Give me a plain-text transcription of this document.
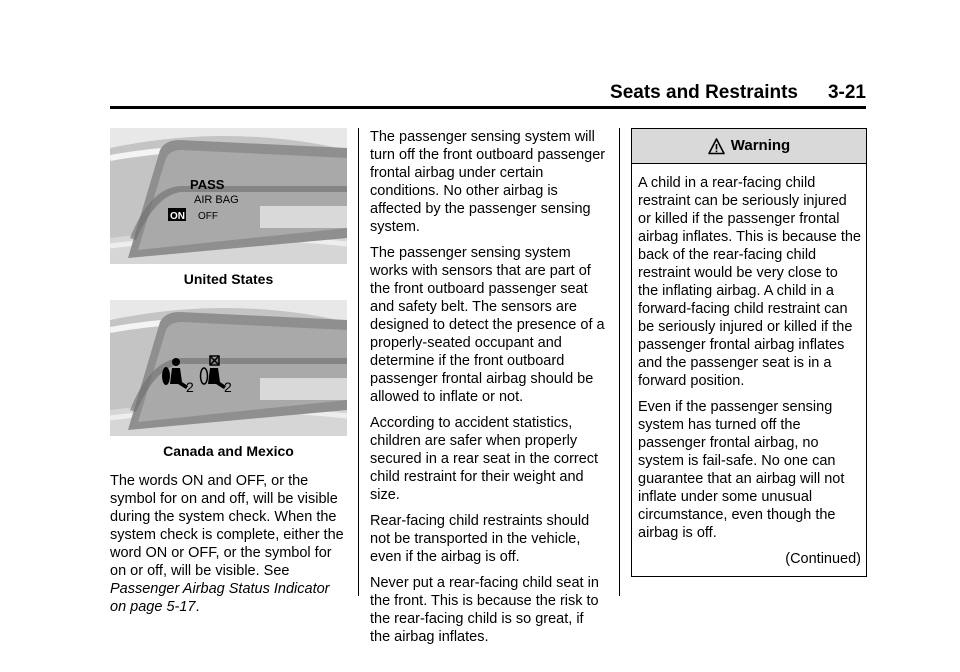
Seats and Restraints 3-21
PASS
AIR BAG
ON OFF
United States
2 2
Canada and Mexico

The words ON and OFF, or the symbol for on and off, will be visible during the system check. When the system check is complete, either the word ON or OFF, or the symbol for on or off, will be visible. See Passenger Airbag Status Indicator on page 5-17.

The passenger sensing system will turn off the front outboard passenger frontal airbag under certain conditions. No other airbag is affected by the passenger sensing system.

The passenger sensing system works with sensors that are part of the front outboard passenger seat and safety belt. The sensors are designed to detect the presence of a properly-seated occupant and determine if the front outboard passenger frontal airbag should be allowed to inflate or not.

According to accident statistics, children are safer when properly secured in a rear seat in the correct child restraint for their weight and size.

Rear-facing child restraints should not be transported in the vehicle, even if the airbag is off.

Never put a rear-facing child seat in the front. This is because the risk to the rear-facing child is so great, if the airbag inflates.

Warning

A child in a rear-facing child restraint can be seriously injured or killed if the passenger frontal airbag inflates. This is because the back of the rear-facing child restraint would be very close to the inflating airbag. A child in a forward-facing child restraint can be seriously injured or killed if the passenger frontal airbag inflates and the passenger seat is in a forward position.

Even if the passenger sensing system has turned off the passenger frontal airbag, no system is fail-safe. No one can guarantee that an airbag will not inflate under some unusual circumstance, even though the airbag is off.

(Continued)
